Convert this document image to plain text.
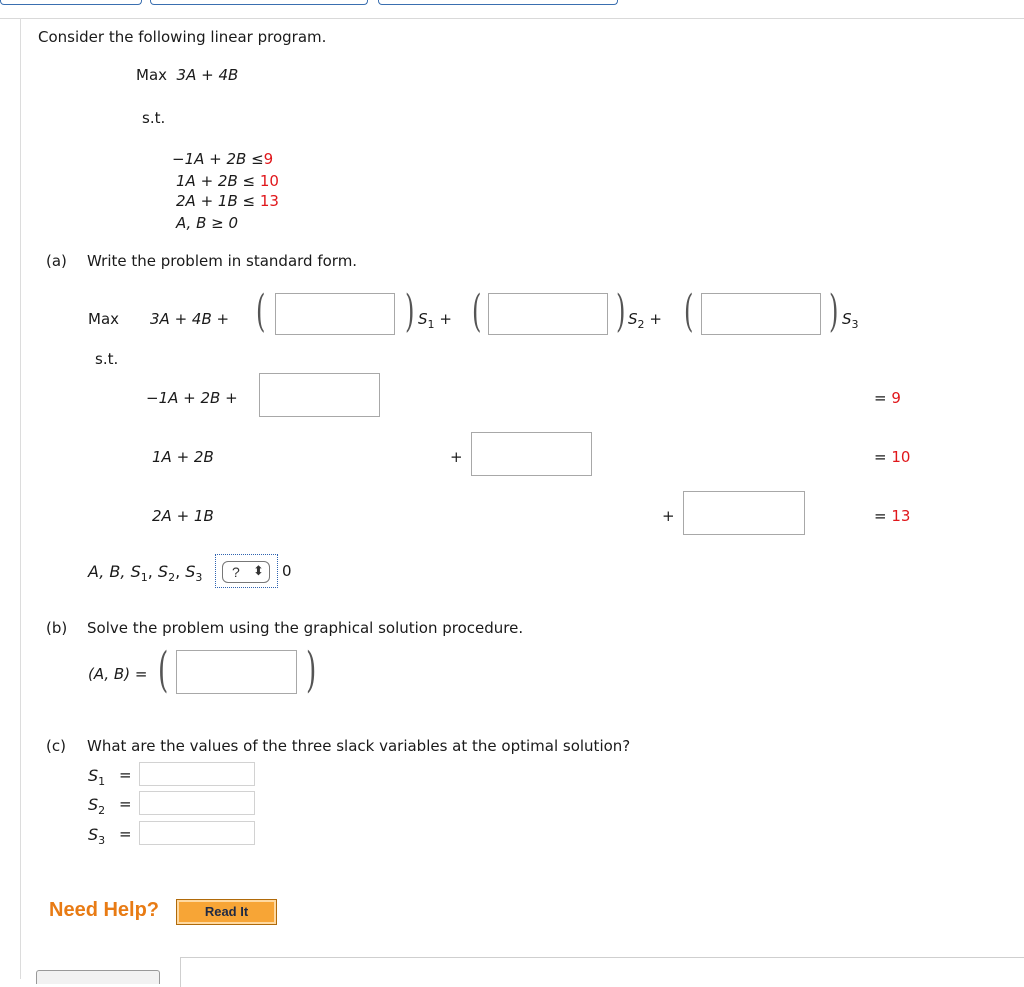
Consider the following linear program.
Max  3A + 4B
s.t.
−1A + 2B ≤9
1A + 2B ≤ 10
2A + 1B ≤ 13
A, B ≥ 0
(a) Write the problem in standard form.
Max 3A + 4B + (	) $S_1$ + (	) $S_2$ + (	) $S_3$
s.t.
−1A + 2B +	= 9
1A + 2B	+	= 10
2A + 1B	+	= 13
A, B, $S_1$, $S_2$, $S_3$ ? ⬍ 0
(b) Solve the problem using the graphical solution procedure.
(A, B) = (	)
(c) What are the values of the three slack variables at the optimal solution?
$S_1$ =
$S_2$ =
$S_3$ =
Need Help?	Read It
